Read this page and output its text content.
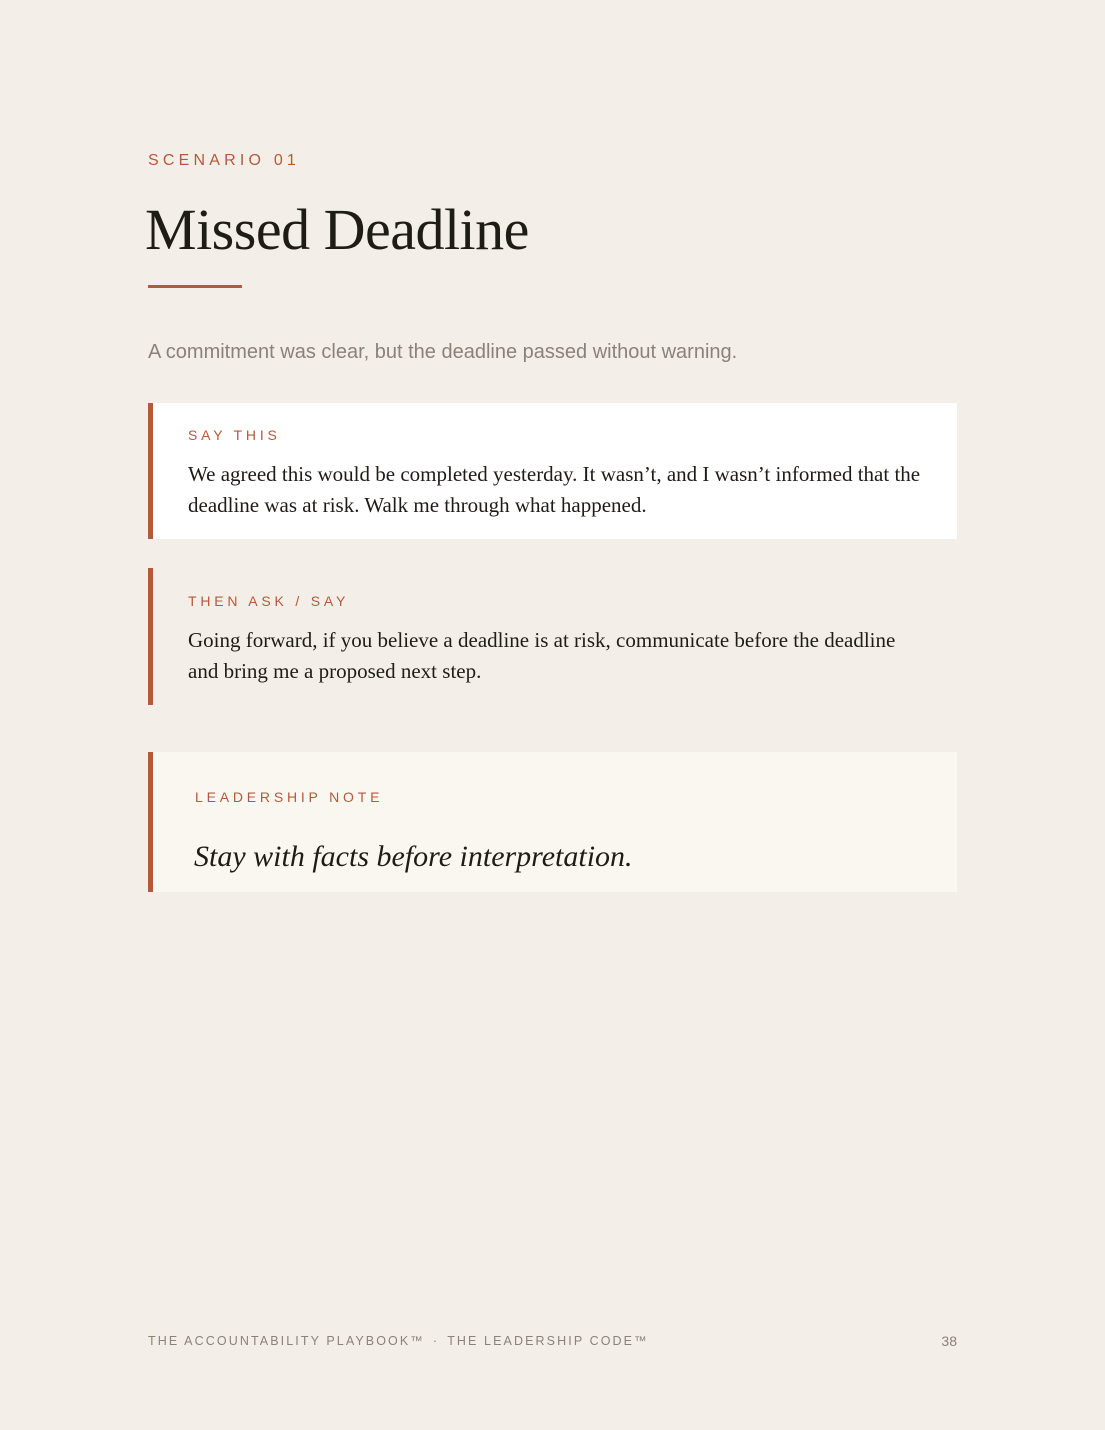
SCENARIO 01
Missed Deadline
A commitment was clear, but the deadline passed without warning.
SAY THIS
We agreed this would be completed yesterday. It wasn’t, and I wasn’t informed that the deadline was at risk. Walk me through what happened.
THEN ASK / SAY
Going forward, if you believe a deadline is at risk, communicate before the deadline and bring me a proposed next step.
LEADERSHIP NOTE
Stay with facts before interpretation.
THE ACCOUNTABILITY PLAYBOOK™ · THE LEADERSHIP CODE™	38
